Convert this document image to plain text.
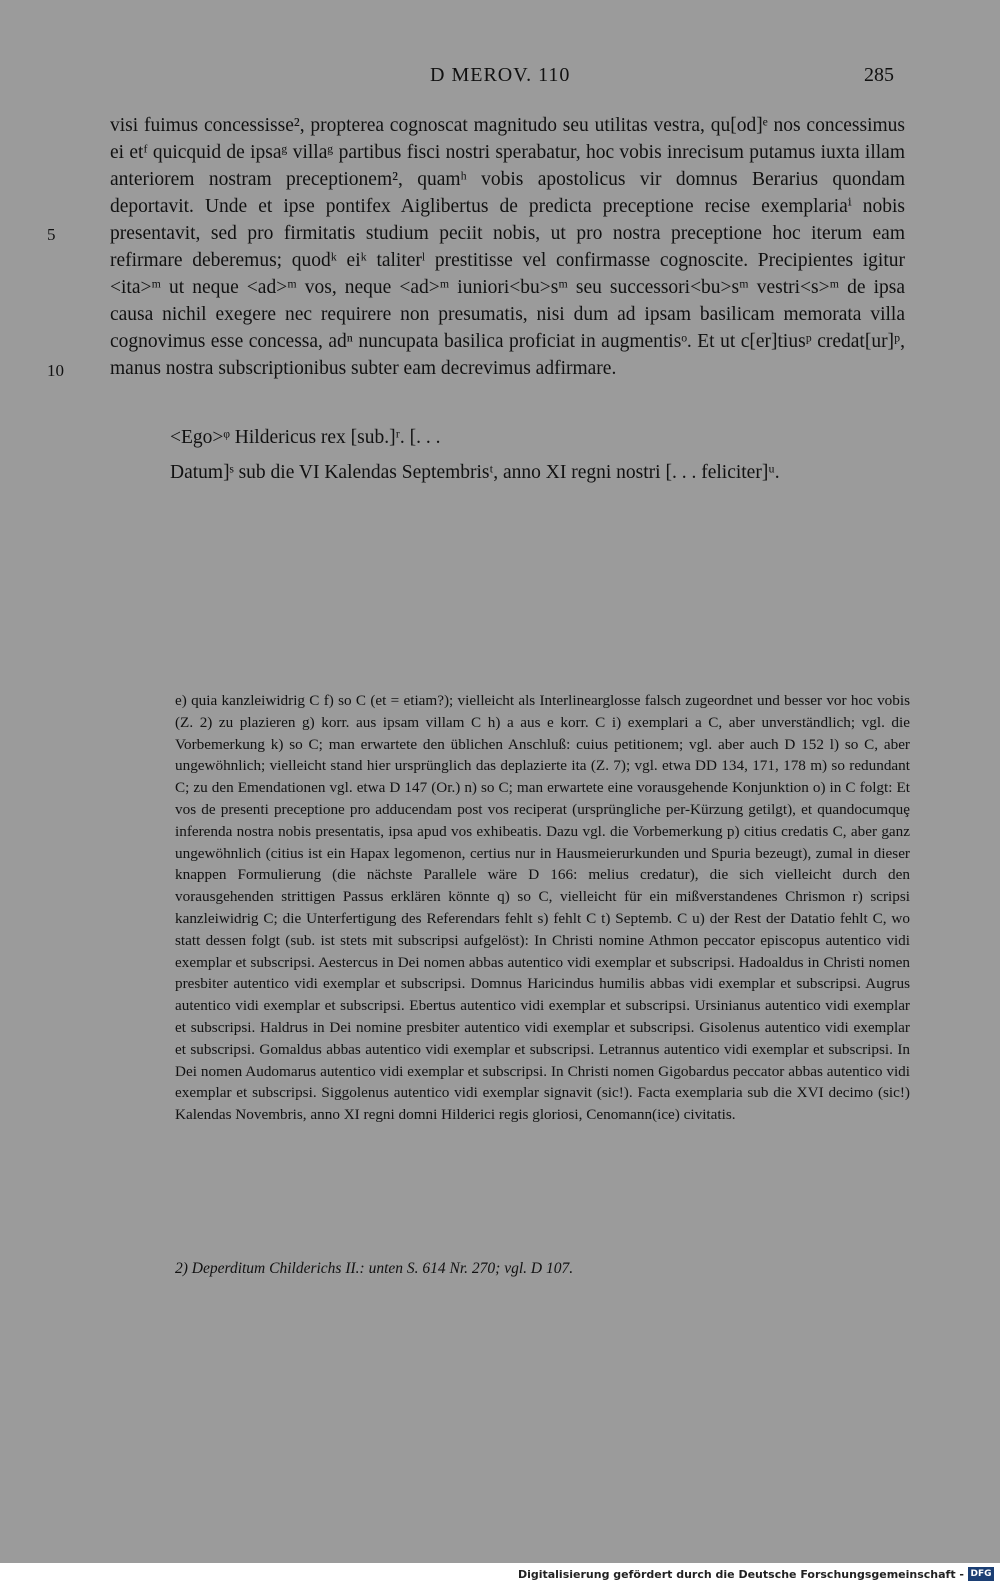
D MEROV. 110	285
5
10

visi fuimus concessisse², propterea cognoscat magnitudo seu utilitas vestra, qu[od]ᵉ nos concessimus ei etᶠ quicquid de ipsaᵍ villaᵍ partibus fisci nostri sperabatur, hoc vobis inrecisum putamus iuxta illam anteriorem nostram preceptionem², quamʰ vobis apostolicus vir domnus Berarius quondam deportavit. Unde et ipse pontifex Aiglibertus de predicta preceptione recise exemplariaⁱ nobis presentavit, sed pro firmitatis studium peciit nobis, ut pro nostra preceptione hoc iterum eam refirmare deberemus; quodᵏ eiᵏ taliterˡ prestitisse vel confirmasse cognoscite. Precipientes igitur <ita>ᵐ ut neque <ad>ᵐ vos, neque <ad>ᵐ iuniori<bu>sᵐ seu successori<bu>sᵐ vestri<s>ᵐ de ipsa causa nichil exegere nec requirere non presumatis, nisi dum ad ipsam basilicam memorata villa cognovimus esse concessa, adⁿ nuncupata basilica proficiat in augmentisᵒ. Et ut c[er]tiusᵖ credat[ur]ᵖ, manus nostra subscriptionibus subter eam decrevimus adfirmare.

<Ego>ᵠ Hildericus rex [sub.]ʳ. [. . .
Datum]ˢ sub die VI Kalendas Septembrisᵗ, anno XI regni nostri [. . . feliciter]ᵘ.

e) quia kanzleiwidrig C f) so C (et = etiam?); vielleicht als Interlinearglosse falsch zugeordnet und besser vor hoc vobis (Z. 2) zu plazieren g) korr. aus ipsam villam C h) a aus e korr. C i) exemplari a C, aber unverständlich; vgl. die Vorbemerkung k) so C; man erwartete den üblichen Anschluß: cuius petitionem; vgl. aber auch D 152 l) so C, aber ungewöhnlich; vielleicht stand hier ursprünglich das deplazierte ita (Z. 7); vgl. etwa DD 134, 171, 178 m) so redundant C; zu den Emendationen vgl. etwa D 147 (Or.) n) so C; man erwartete eine vorausgehende Konjunktion o) in C folgt: Et vos de presenti preceptione pro adducendam post vos reciperat (ursprüngliche per-Kürzung getilgt), et quandocumquȩ inferenda nostra nobis presentatis, ipsa apud vos exhibeatis. Dazu vgl. die Vorbemerkung p) citius credatis C, aber ganz ungewöhnlich (citius ist ein Hapax legomenon, certius nur in Hausmeierurkunden und Spuria bezeugt), zumal in dieser knappen Formulierung (die nächste Parallele wäre D 166: melius credatur), die sich vielleicht durch den vorausgehenden strittigen Passus erklären könnte q) so C, vielleicht für ein mißverstandenes Chrismon r) scripsi kanzleiwidrig C; die Unterfertigung des Referendars fehlt s) fehlt C t) Septemb. C u) der Rest der Datatio fehlt C, wo statt dessen folgt (sub. ist stets mit subscripsi aufgelöst): In Christi nomine Athmon peccator episcopus autentico vidi exemplar et subscripsi. Aestercus in Dei nomen abbas autentico vidi exemplar et subscripsi. Hadoaldus in Christi nomen presbiter autentico vidi exemplar et subscripsi. Domnus Haricindus humilis abbas vidi exemplar et subscripsi. Augrus autentico vidi exemplar et subscripsi. Ebertus autentico vidi exemplar et subscripsi. Ursinianus autentico vidi exemplar et subscripsi. Haldrus in Dei nomine presbiter autentico vidi exemplar et subscripsi. Gisolenus autentico vidi exemplar et subscripsi. Gomaldus abbas autentico vidi exemplar et subscripsi. Letrannus autentico vidi exemplar et subscripsi. In Dei nomen Audomarus autentico vidi exemplar et subscripsi. In Christi nomen Gigobardus peccator abbas autentico vidi exemplar et subscripsi. Siggolenus autentico vidi exemplar signavit (sic!). Facta exemplaria sub die XVI decimo (sic!) Kalendas Novembris, anno XI regni domni Hilderici regis gloriosi, Cenomann(ice) civitatis.

2) Deperditum Childerichs II.: unten S. 614 Nr. 270; vgl. D 107.
Digitalisierung gefördert durch die Deutsche Forschungsgemeinschaft - DFG
